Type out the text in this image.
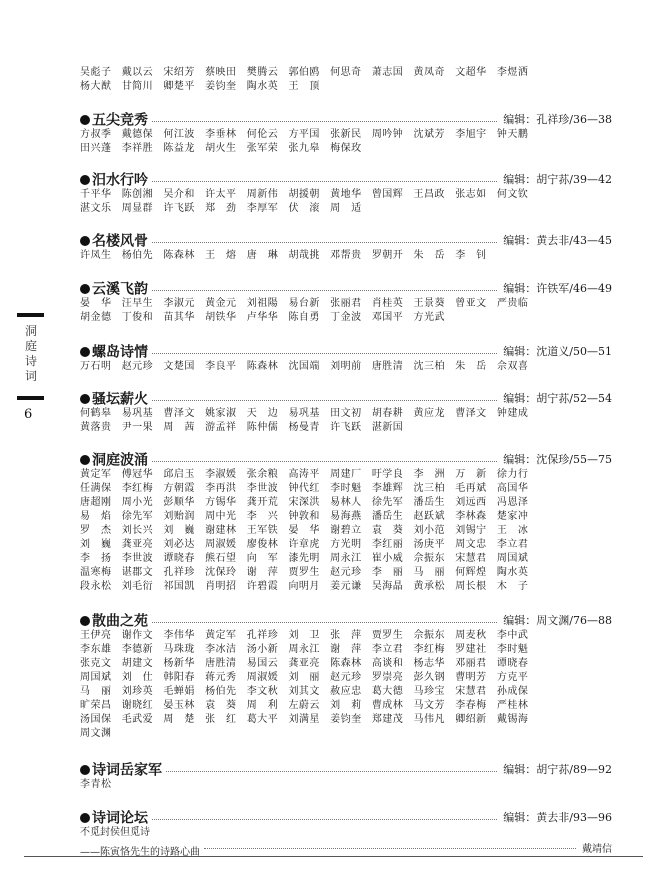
洞
庭
诗
词
6
吴彪子	戴以云	宋绍芳	蔡映田	樊腾云	郭伯鸥	何思奇	萧志国	黄凤奇	文超华	李煜洒
杨大猷	甘简川	卿楚平	姜钧奎	陶水英	王　顶
五尖竞秀	编辑：孔祥珍/36—38
方叔季	戴德保	何江波	李垂林	何伦云	方平国	张新民	周吟钟	沈斌芳	李旭宇	钟天鹏
田兴蓬	李祥胜	陈益龙	胡火生	张军荣	张九皋	梅保玫
汨水行吟	编辑：胡宁荪/39—42
千平华	陈创湘	吴介和	许太平	周新伟	胡援朝	黄地华	曾国辉	王昌政	张志如	何文钦
湛文乐	周显群	许飞跃	郑　劲	李厚军	伏　滚	周　适
名楼风骨	编辑：黄去非/43—45
许凤生	杨伯先	陈森林	王　熔	唐　琳	胡哉挑	邓帮贵	罗朝开	朱　岳	李　钊
云溪飞韵	编辑：许铁军/46—49
晏　华	汪早生	李淑元	黄金元	刘祖陽	易台新	张丽君	肖桂英	王景葵	曾亚文	严贵临
胡金德	丁俊和	苗其华	胡铁华	卢华华	陈自勇	丁金波	邓国平	方光武
螺岛诗情	编辑：沈道义/50—51
万石明	赵元珍	文楚国	李良平	陈森林	沈国端	刘明前	唐胜清	沈三柏	朱　岳	佘双喜
骚坛薪火	编辑：胡宁荪/52—54
何鹤皋	易巩基	曹泽文	姚家淑	天　边	易巩基	田文初	胡春耕	黄应龙	曹泽文	钟建成
黄落贵	尹一果	周　茜	游孟祥	陈仲儒	杨曼青	许飞跃	湛新国
洞庭波涌	编辑：沈保珍/55—75
黄定军	傅冠华	邱启玉	李淑媛	张余粮	高涛平	周建厂	吁学良	李　洲	万　新	徐力行
任满保	李红梅	方朝霞	李再洪	李世波	钟代红	李时魁	李雄辉	沈三柏	毛再斌	高国华
唐超刚	周小光	彭顺华	方锡华	龚开荒	宋深洪	易林人	徐先军	潘岳生	刘远西	冯恩泽
易　焰	徐先军	刘贻润	周中光	李　兴	钟敦和	易海燕	潘岳生	赵跃斌	李林森	楚家冲
罗　杰	刘长兴	刘　巍	谢建林	王军铁	晏　华	谢碧立	袁　葵	刘小范	刘锡宁	王　冰
刘　巍	龚亚亮	刘必达	周淑媛	廖俊林	许章虎	方光明	李红丽	汤庚平	周文忠	李立君
李　扬	李世波	谭晓春	熊石望	向　军	漆先明	周永江	崔小威	佘振东	宋慧君	周国斌
温寒梅	谌郡文	孔祥珍	沈保玲	谢　萍	贾罗生	赵元珍	李　丽	马　丽	何辉煌	陶水英
段永松	刘毛衍	祁国凯	肖明招	许碧霞	向明月	姜元谦	吴海晶	黄承松	周长根	木　子
散曲之苑	编辑：周文渊/76—88
王伊亮	谢作文	李伟华	黄定军	孔祥珍	刘　卫	张　萍	贾罗生	佘振东	周麦秋	李中武
李东雄	李德新	马珠珑	李冰洁	汤小新	周永江	谢　萍	李立君	李红梅	罗建社	李时魁
张克文	胡建文	杨新华	唐胜清	易国云	龚亚亮	陈森林	高谈和	杨志华	邓丽君	谭晓春
周国斌	刘　仕	韩阳春	蒋元秀	周淑媛	刘　丽	赵元珍	罗崇亮	彭久钢	曹明芳	方克平
马　丽	刘珍英	毛蝉娟	杨伯先	李文秋	刘其文	赦应忠	葛大德	马珍宝	宋慧君	孙成保
旷荣昌	谢晓红	晏玉林	袁　葵	周　利	左蔚云	刘　莉	曹成林	马文芳	李春梅	严桂林
汤国保	毛武爱	周　楚	张　红	葛大平	刘满星	姜钧奎	郑建茂	马伟凡	卿绍新	戴锡海
周文渊
诗词岳家军	编辑：胡宁荪/89—92
李青松
诗词论坛	编辑：黄去非/93—96
不觅封侯但觅诗
——陈寅恪先生的诗路心曲	戴靖信
